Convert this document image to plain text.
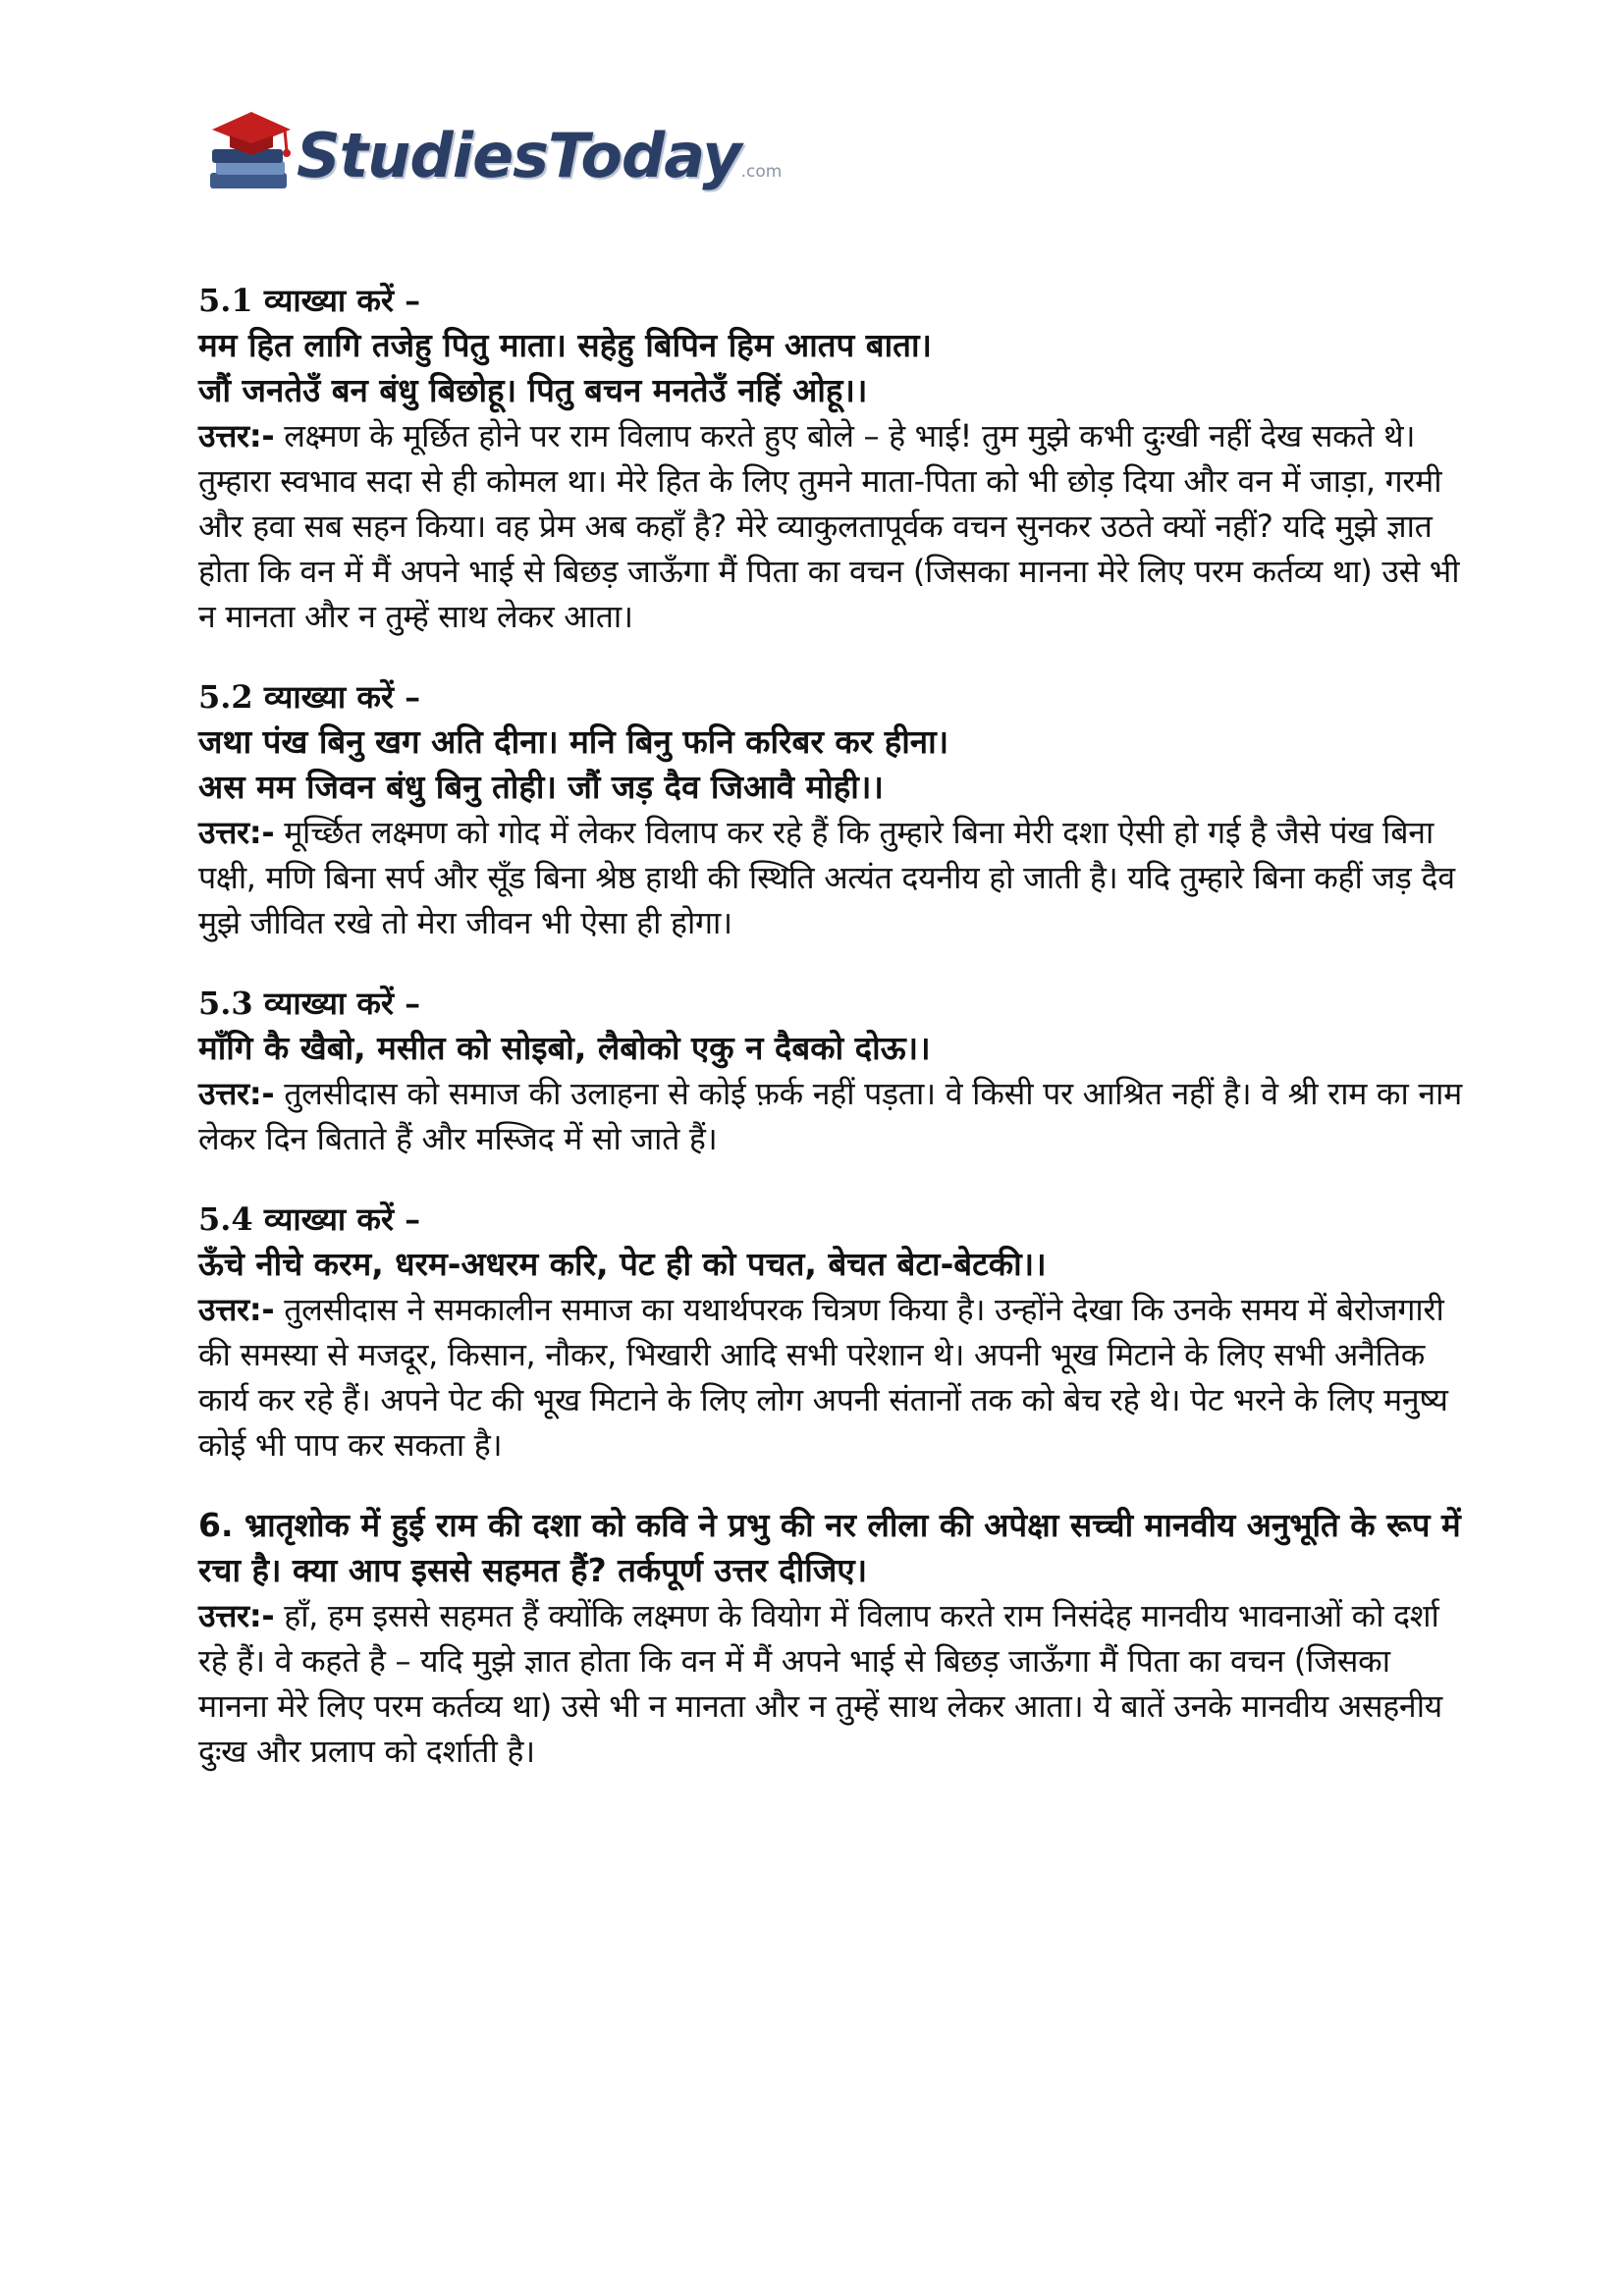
StudiesToday.com
5.1 व्याख्या करें –
मम हित लागि तजेहु पितु माता। सहेहु बिपिन हिम आतप बाता।
जौं जनतेउँ बन बंधु बिछोहू। पितु बचन मनतेउँ नहिं ओहू।।
उत्तर:- लक्ष्मण के मूर्छित होने पर राम विलाप करते हुए बोले – हे भाई! तुम मुझे कभी दुःखी नहीं देख सकते थे। तुम्हारा स्वभाव सदा से ही कोमल था। मेरे हित के लिए तुमने माता-पिता को भी छोड़ दिया और वन में जाड़ा, गरमी और हवा सब सहन किया। वह प्रेम अब कहाँ है? मेरे व्याकुलतापूर्वक वचन सुनकर उठते क्यों नहीं? यदि मुझे ज्ञात होता कि वन में मैं अपने भाई से बिछड़ जाऊँगा मैं पिता का वचन (जिसका मानना मेरे लिए परम कर्तव्य था) उसे भी न मानता और न तुम्हें साथ लेकर आता।
5.2 व्याख्या करें –
जथा पंख बिनु खग अति दीना। मनि बिनु फनि करिबर कर हीना।
अस मम जिवन बंधु बिनु तोही। जौं जड़ दैव जिआवै मोही।।
उत्तर:- मूर्च्छित लक्ष्मण को गोद में लेकर विलाप कर रहे हैं कि तुम्हारे बिना मेरी दशा ऐसी हो गई है जैसे पंख बिना पक्षी, मणि बिना सर्प और सूँड बिना श्रेष्ठ हाथी की स्थिति अत्यंत दयनीय हो जाती है। यदि तुम्हारे बिना कहीं जड़ दैव मुझे जीवित रखे तो मेरा जीवन भी ऐसा ही होगा।
5.3 व्याख्या करें –
माँगि कै खैबो, मसीत को सोइबो, लैबोको एकु न दैबको दोऊ।।
उत्तर:- तुलसीदास को समाज की उलाहना से कोई फ़र्क नहीं पड़ता। वे किसी पर आश्रित नहीं है। वे श्री राम का नाम लेकर दिन बिताते हैं और मस्जिद में सो जाते हैं।
5.4 व्याख्या करें –
ऊँचे नीचे करम, धरम-अधरम करि, पेट ही को पचत, बेचत बेटा-बेटकी।।
उत्तर:- तुलसीदास ने समकालीन समाज का यथार्थपरक चित्रण किया है। उन्होंने देखा कि उनके समय में बेरोजगारी की समस्या से मजदूर, किसान, नौकर, भिखारी आदि सभी परेशान थे। अपनी भूख मिटाने के लिए सभी अनैतिक कार्य कर रहे हैं। अपने पेट की भूख मिटाने के लिए लोग अपनी संतानों तक को बेच रहे थे। पेट भरने के लिए मनुष्य कोई भी पाप कर सकता है।
6. भ्रातृशोक में हुई राम की दशा को कवि ने प्रभु की नर लीला की अपेक्षा सच्ची मानवीय अनुभूति के रूप में रचा है। क्या आप इससे सहमत हैं? तर्कपूर्ण उत्तर दीजिए।
उत्तर:- हाँ, हम इससे सहमत हैं क्योंकि लक्ष्मण के वियोग में विलाप करते राम निसंदेह मानवीय भावनाओं को दर्शा रहे हैं। वे कहते है – यदि मुझे ज्ञात होता कि वन में मैं अपने भाई से बिछड़ जाऊँगा मैं पिता का वचन (जिसका मानना मेरे लिए परम कर्तव्य था) उसे भी न मानता और न तुम्हें साथ लेकर आता। ये बातें उनके मानवीय असहनीय दुःख और प्रलाप को दर्शाती है।
